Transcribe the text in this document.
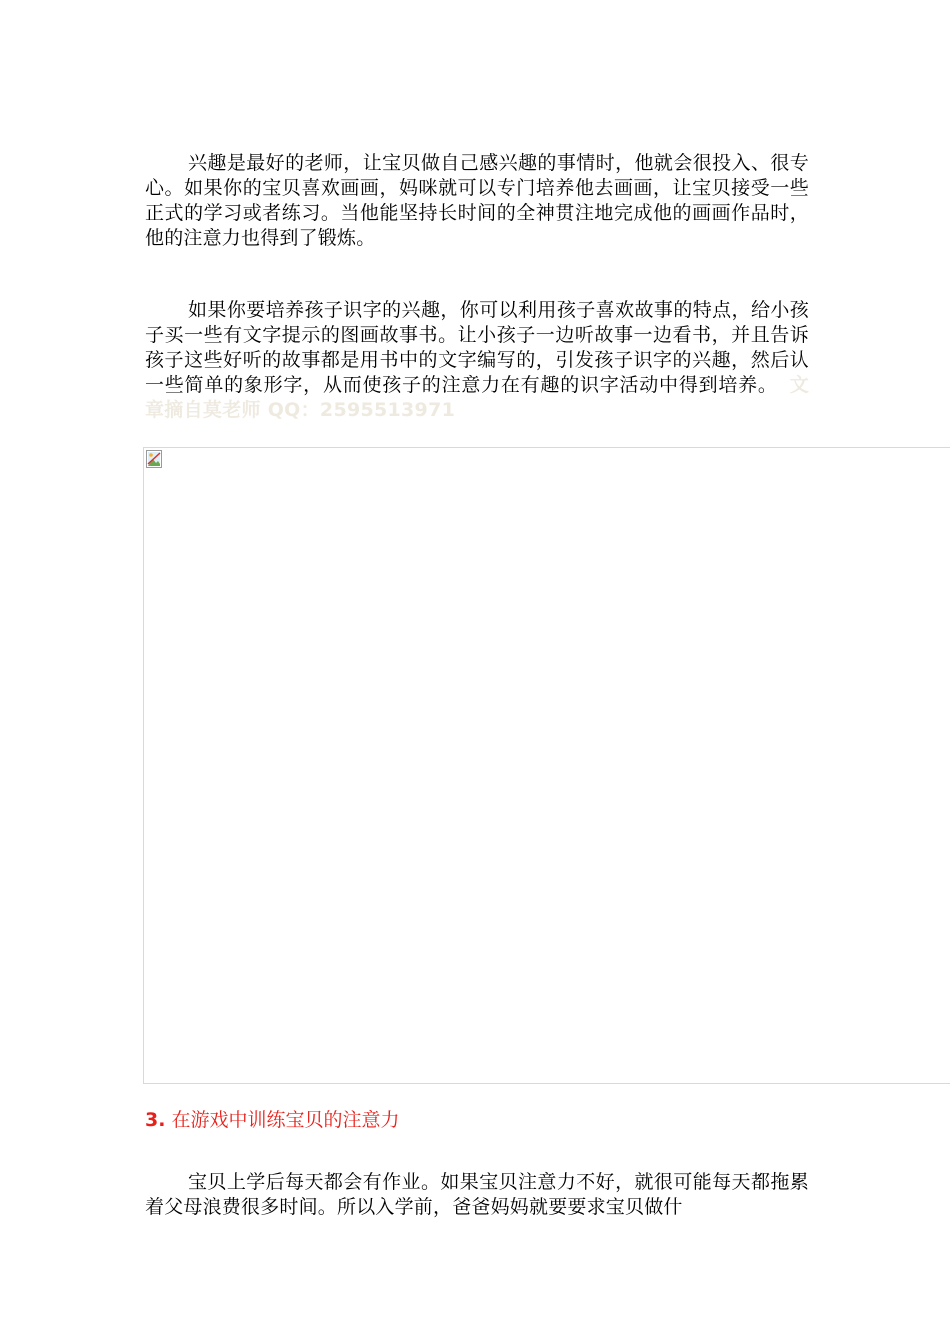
兴趣是最好的老师，让宝贝做自己感兴趣的事情时，他就会很投入、很专心。如果你的宝贝喜欢画画，妈咪就可以专门培养他去画画，让宝贝接受一些正式的学习或者练习。当他能坚持长时间的全神贯注地完成他的画画作品时，他的注意力也得到了锻炼。

如果你要培养孩子识字的兴趣，你可以利用孩子喜欢故事的特点，给小孩子买一些有文字提示的图画故事书。让小孩子一边听故事一边看书，并且告诉孩子这些好听的故事都是用书中的文字编写的，引发孩子识字的兴趣，然后认一些简单的象形字，从而使孩子的注意力在有趣的识字活动中得到培养。 文章摘自莫老师 QQ：2595513971

3. 在游戏中训练宝贝的注意力

宝贝上学后每天都会有作业。如果宝贝注意力不好，就很可能每天都拖累着父母浪费很多时间。所以入学前，爸爸妈妈就要要求宝贝做什
